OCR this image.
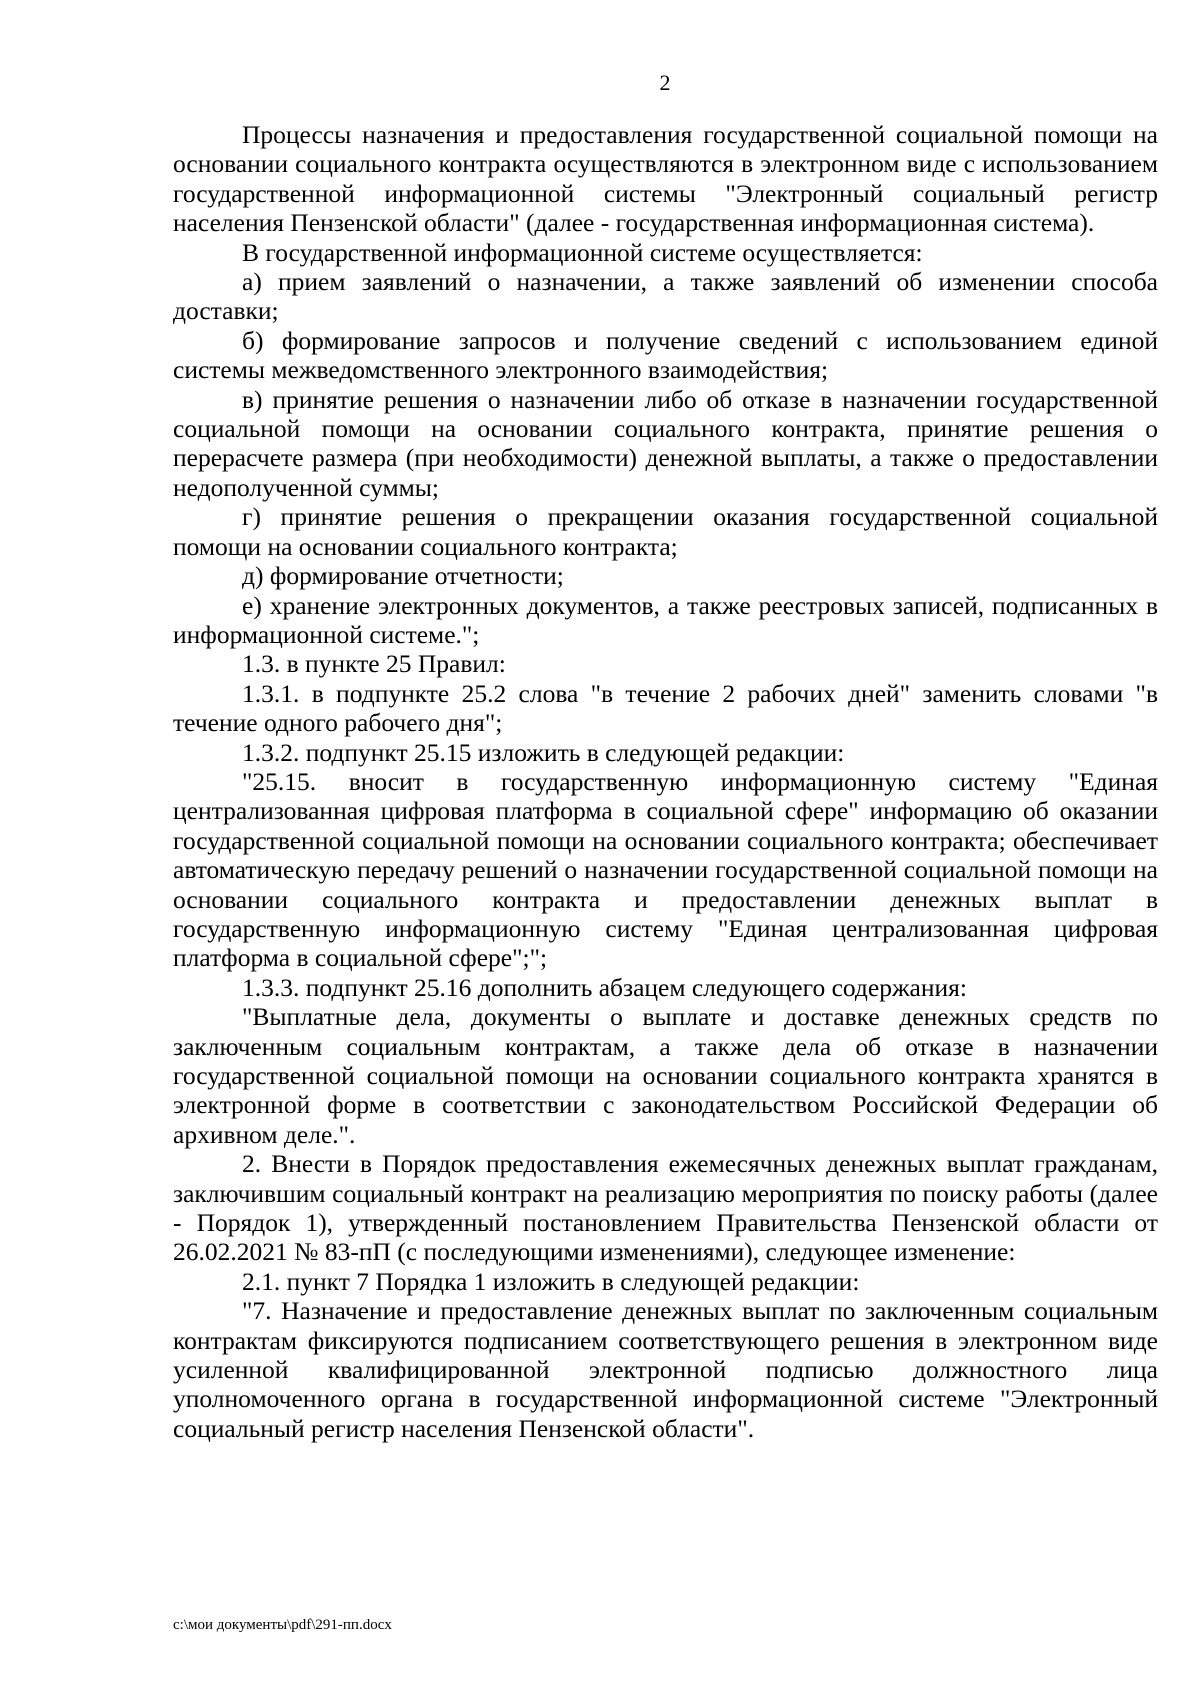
2

Процессы назначения и предоставления государственной социальной помощи на основании социального контракта осуществляются в электронном виде с использованием государственной информационной системы "Электронный социальный регистр населения Пензенской области" (далее - государственная информационная система).

В государственной информационной системе осуществляется:

а) прием заявлений о назначении, а также заявлений об изменении способа доставки;

б) формирование запросов и получение сведений с использованием единой системы межведомственного электронного взаимодействия;

в) принятие решения о назначении либо об отказе в назначении государственной социальной помощи на основании социального контракта, принятие решения о перерасчете размера (при необходимости) денежной выплаты, а также о предоставлении недополученной суммы;

г) принятие решения о прекращении оказания государственной социальной помощи на основании социального контракта;

д) формирование отчетности;

е) хранение электронных документов, а также реестровых записей, подписанных в информационной системе.";

1.3. в пункте 25 Правил:

1.3.1. в подпункте 25.2 слова "в течение 2 рабочих дней" заменить словами "в течение одного рабочего дня";

1.3.2. подпункт 25.15 изложить в следующей редакции:

"25.15. вносит в государственную информационную систему "Единая централизованная цифровая платформа в социальной сфере" информацию об оказании государственной социальной помощи на основании социального контракта; обеспечивает автоматическую передачу решений о назначении государственной социальной помощи на основании социального контракта и предоставлении денежных выплат в государственную информационную систему "Единая централизованная цифровая платформа в социальной сфере";";

1.3.3. подпункт 25.16 дополнить абзацем следующего содержания:

"Выплатные дела, документы о выплате и доставке денежных средств по заключенным социальным контрактам, а также дела об отказе в назначении государственной социальной помощи на основании социального контракта хранятся в электронной форме в соответствии с законодательством Российской Федерации об архивном деле.".

2. Внести в Порядок предоставления ежемесячных денежных выплат гражданам, заключившим социальный контракт на реализацию мероприятия по поиску работы (далее - Порядок 1), утвержденный постановлением Правительства Пензенской области от 26.02.2021 № 83-пП (с последующими изменениями), следующее изменение:

2.1. пункт 7 Порядка 1 изложить в следующей редакции:

"7. Назначение и предоставление денежных выплат по заключенным социальным контрактам фиксируются подписанием соответствующего решения в электронном виде усиленной квалифицированной электронной подписью должностного лица уполномоченного органа в государственной информационной системе "Электронный социальный регистр населения Пензенской области".

c:\мои документы\pdf\291-пп.docx
